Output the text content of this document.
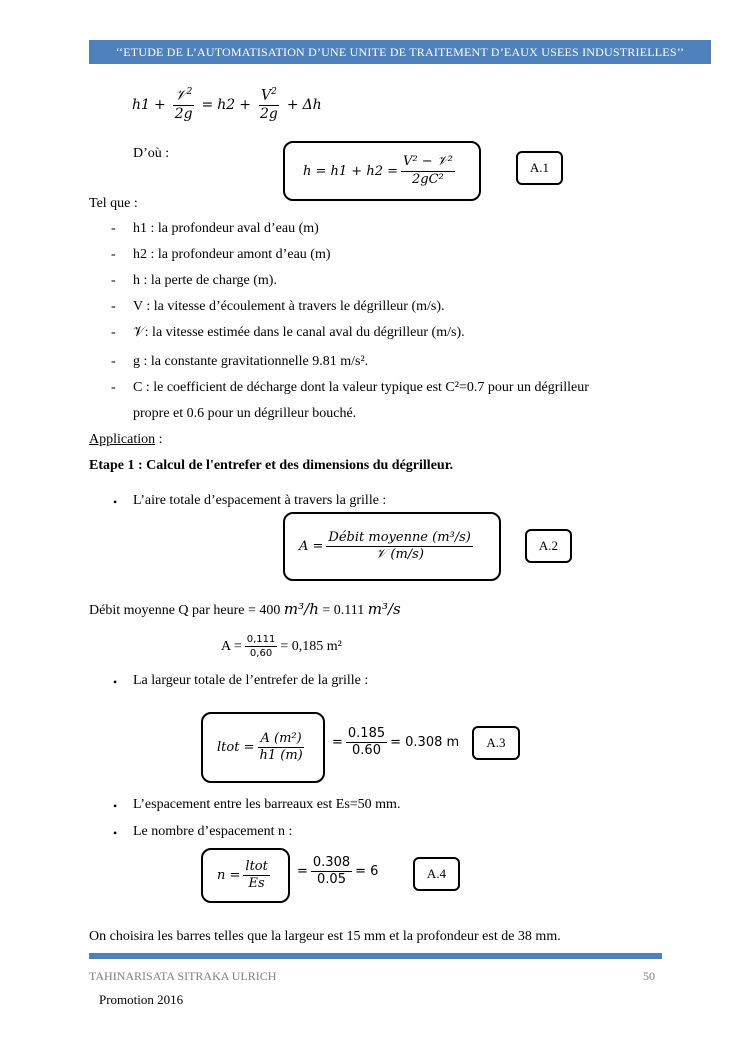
‘‘ETUDE DE L’AUTOMATISATION D’UNE UNITE DE TRAITEMENT D’EAUX USEES INDUSTRIELLES’’
$h1 + \frac{𝒱^2}{2g} = h2 + \frac{V^2}{2g} + \Delta h$
D’où :
$h = h1 + h2 = \frac{\text{V² − 𝒱²}}{\text{2gC²}}$	A.1
Tel que :
- h1 : la profondeur aval d’eau (m)
- h2 : la profondeur amont d’eau (m)
- h : la perte de charge (m).
- V : la vitesse d’écoulement à travers le dégrilleur (m/s).
- 𝒱: la vitesse estimée dans le canal aval du dégrilleur (m/s).
- g : la constante gravitationnelle 9.81 m/s².
- C : le coefficient de décharge dont la valeur typique est C²=0.7 pour un dégrilleur
propre et 0.6 pour un dégrilleur bouché.
Application :
Etape 1 : Calcul de l'entrefer et des dimensions du dégrilleur.
• L’aire totale d’espacement à travers la grille :
$A = \frac{\text{Débit moyenne (m³/s)}}{\text{𝒱 (m/s)}}$	A.2
Débit moyenne Q par heure = 400 m³/h = 0.111 m³/s
$A = \frac{0,111}{0,60} = 0,185$ m²
• La largeur totale de l’entrefer de la grille :
ltot = $\frac{\text{A (m²)}}{h1 (m)} = \frac{0.185}{0.60} = 0.308$ m	A.3
• L’espacement entre les barreaux est Es=50 mm.
• Le nombre d’espacement n :
$n = \frac{\text{ltot}}{Es} = \frac{0.308}{0.05} = 6$	A.4
On choisira les barres telles que la largeur est 15 mm et la profondeur est de 38 mm.
TAHINARISATA SITRAKA ULRICH	50
Promotion 2016
